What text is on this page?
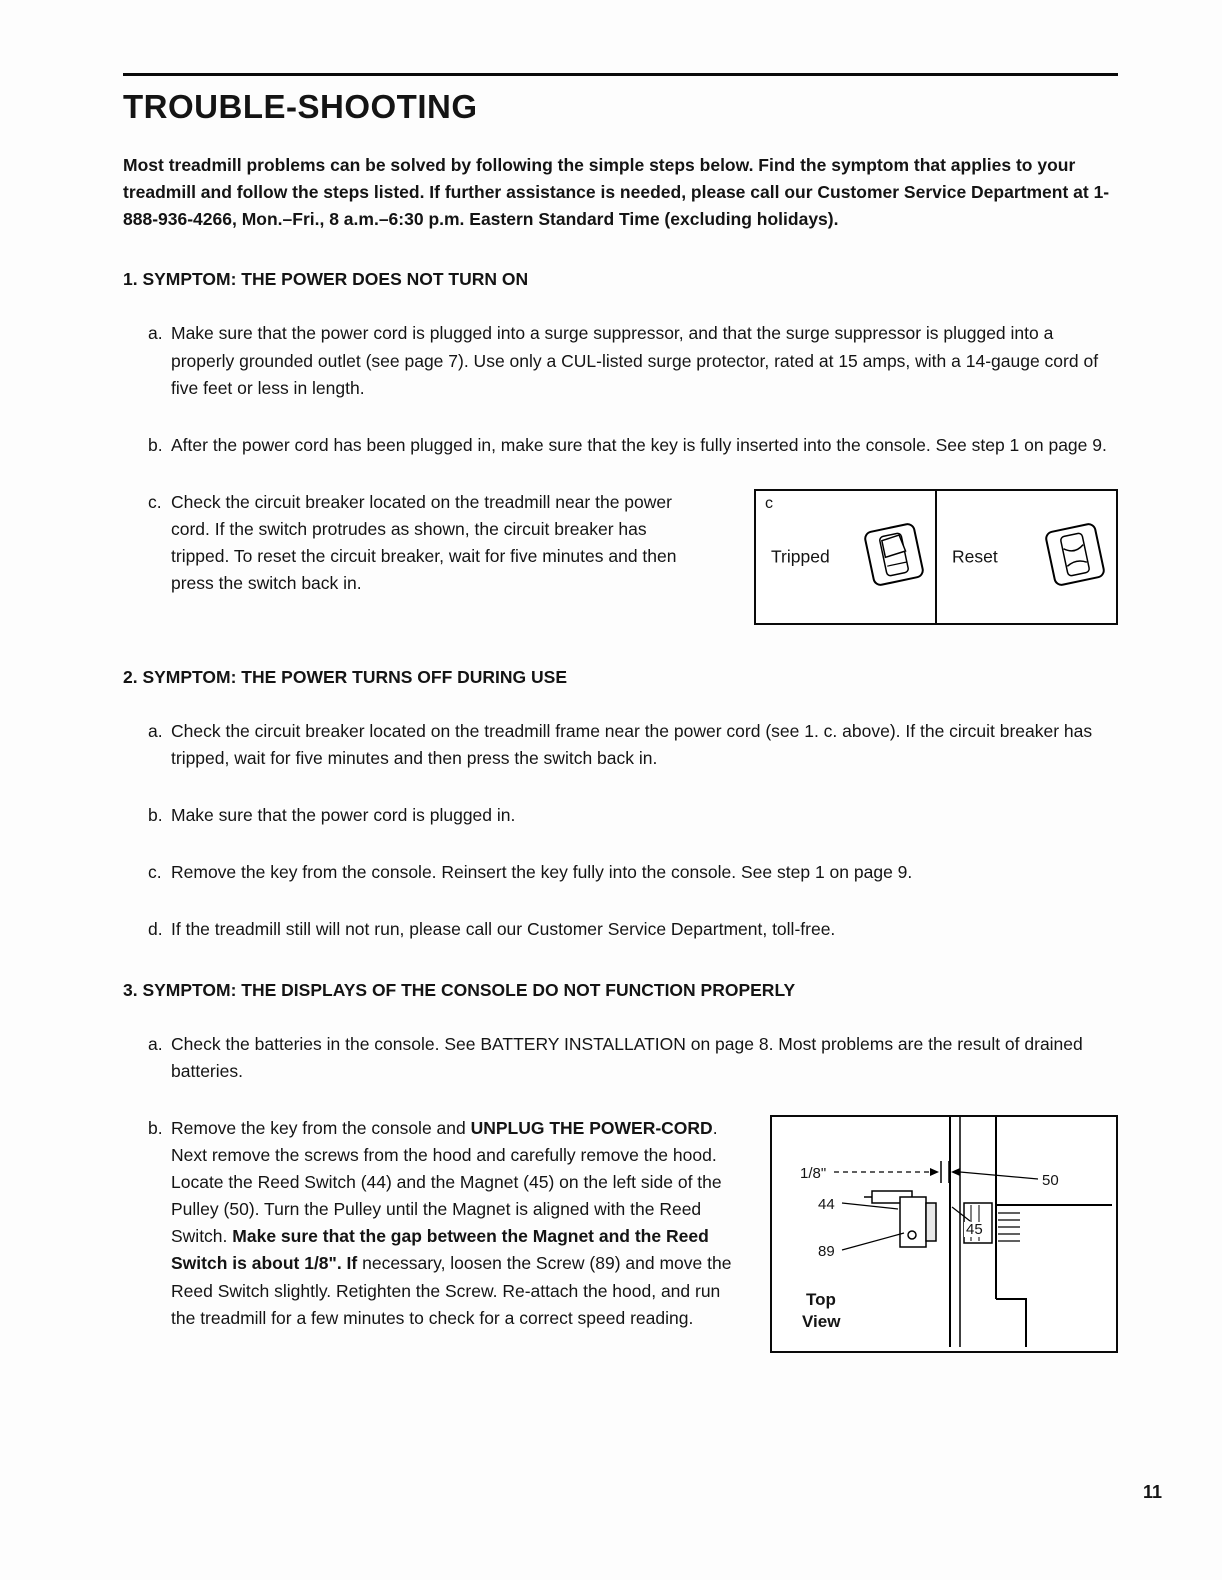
TROUBLE-SHOOTING

Most treadmill problems can be solved by following the simple steps below. Find the symptom that applies to your treadmill and follow the steps listed. If further assistance is needed, please call our Customer Service Department at 1-888-936-4266, Mon.–Fri., 8 a.m.–6:30 p.m. Eastern Standard Time (excluding holidays).

1. SYMPTOM: THE POWER DOES NOT TURN ON
a. Make sure that the power cord is plugged into a surge suppressor, and that the surge suppressor is plugged into a properly grounded outlet (see page 7). Use only a CUL-listed surge protector, rated at 15 amps, with a 14-gauge cord of five feet or less in length.
b. After the power cord has been plugged in, make sure that the key is fully inserted into the console. See step 1 on page 9.
c. Check the circuit breaker located on the treadmill near the power cord. If the switch protrudes as shown, the circuit breaker has tripped. To reset the circuit breaker, wait for five minutes and then press the switch back in.
c
Tripped	Reset
2. SYMPTOM: THE POWER TURNS OFF DURING USE
a. Check the circuit breaker located on the treadmill frame near the power cord (see 1. c. above). If the circuit breaker has tripped, wait for five minutes and then press the switch back in.
b. Make sure that the power cord is plugged in.
c. Remove the key from the console. Reinsert the key fully into the console. See step 1 on page 9.
d. If the treadmill still will not run, please call our Customer Service Department, toll-free.
3. SYMPTOM: THE DISPLAYS OF THE CONSOLE DO NOT FUNCTION PROPERLY
a. Check the batteries in the console. See BATTERY INSTALLATION on page 8. Most problems are the result of drained batteries.
b. Remove the key from the console and UNPLUG THE POWER-CORD. Next remove the screws from the hood and carefully remove the hood. Locate the Reed Switch (44) and the Magnet (45) on the left side of the Pulley (50). Turn the Pulley until the Magnet is aligned with the Reed Switch. Make sure that the gap between the Magnet and the Reed Switch is about 1/8". If necessary, loosen the Screw (89) and move the Reed Switch slightly. Retighten the Screw. Re-attach the hood, and run the treadmill for a few minutes to check for a correct speed reading.
1/8"	50
44
45
89
Top
View
11
